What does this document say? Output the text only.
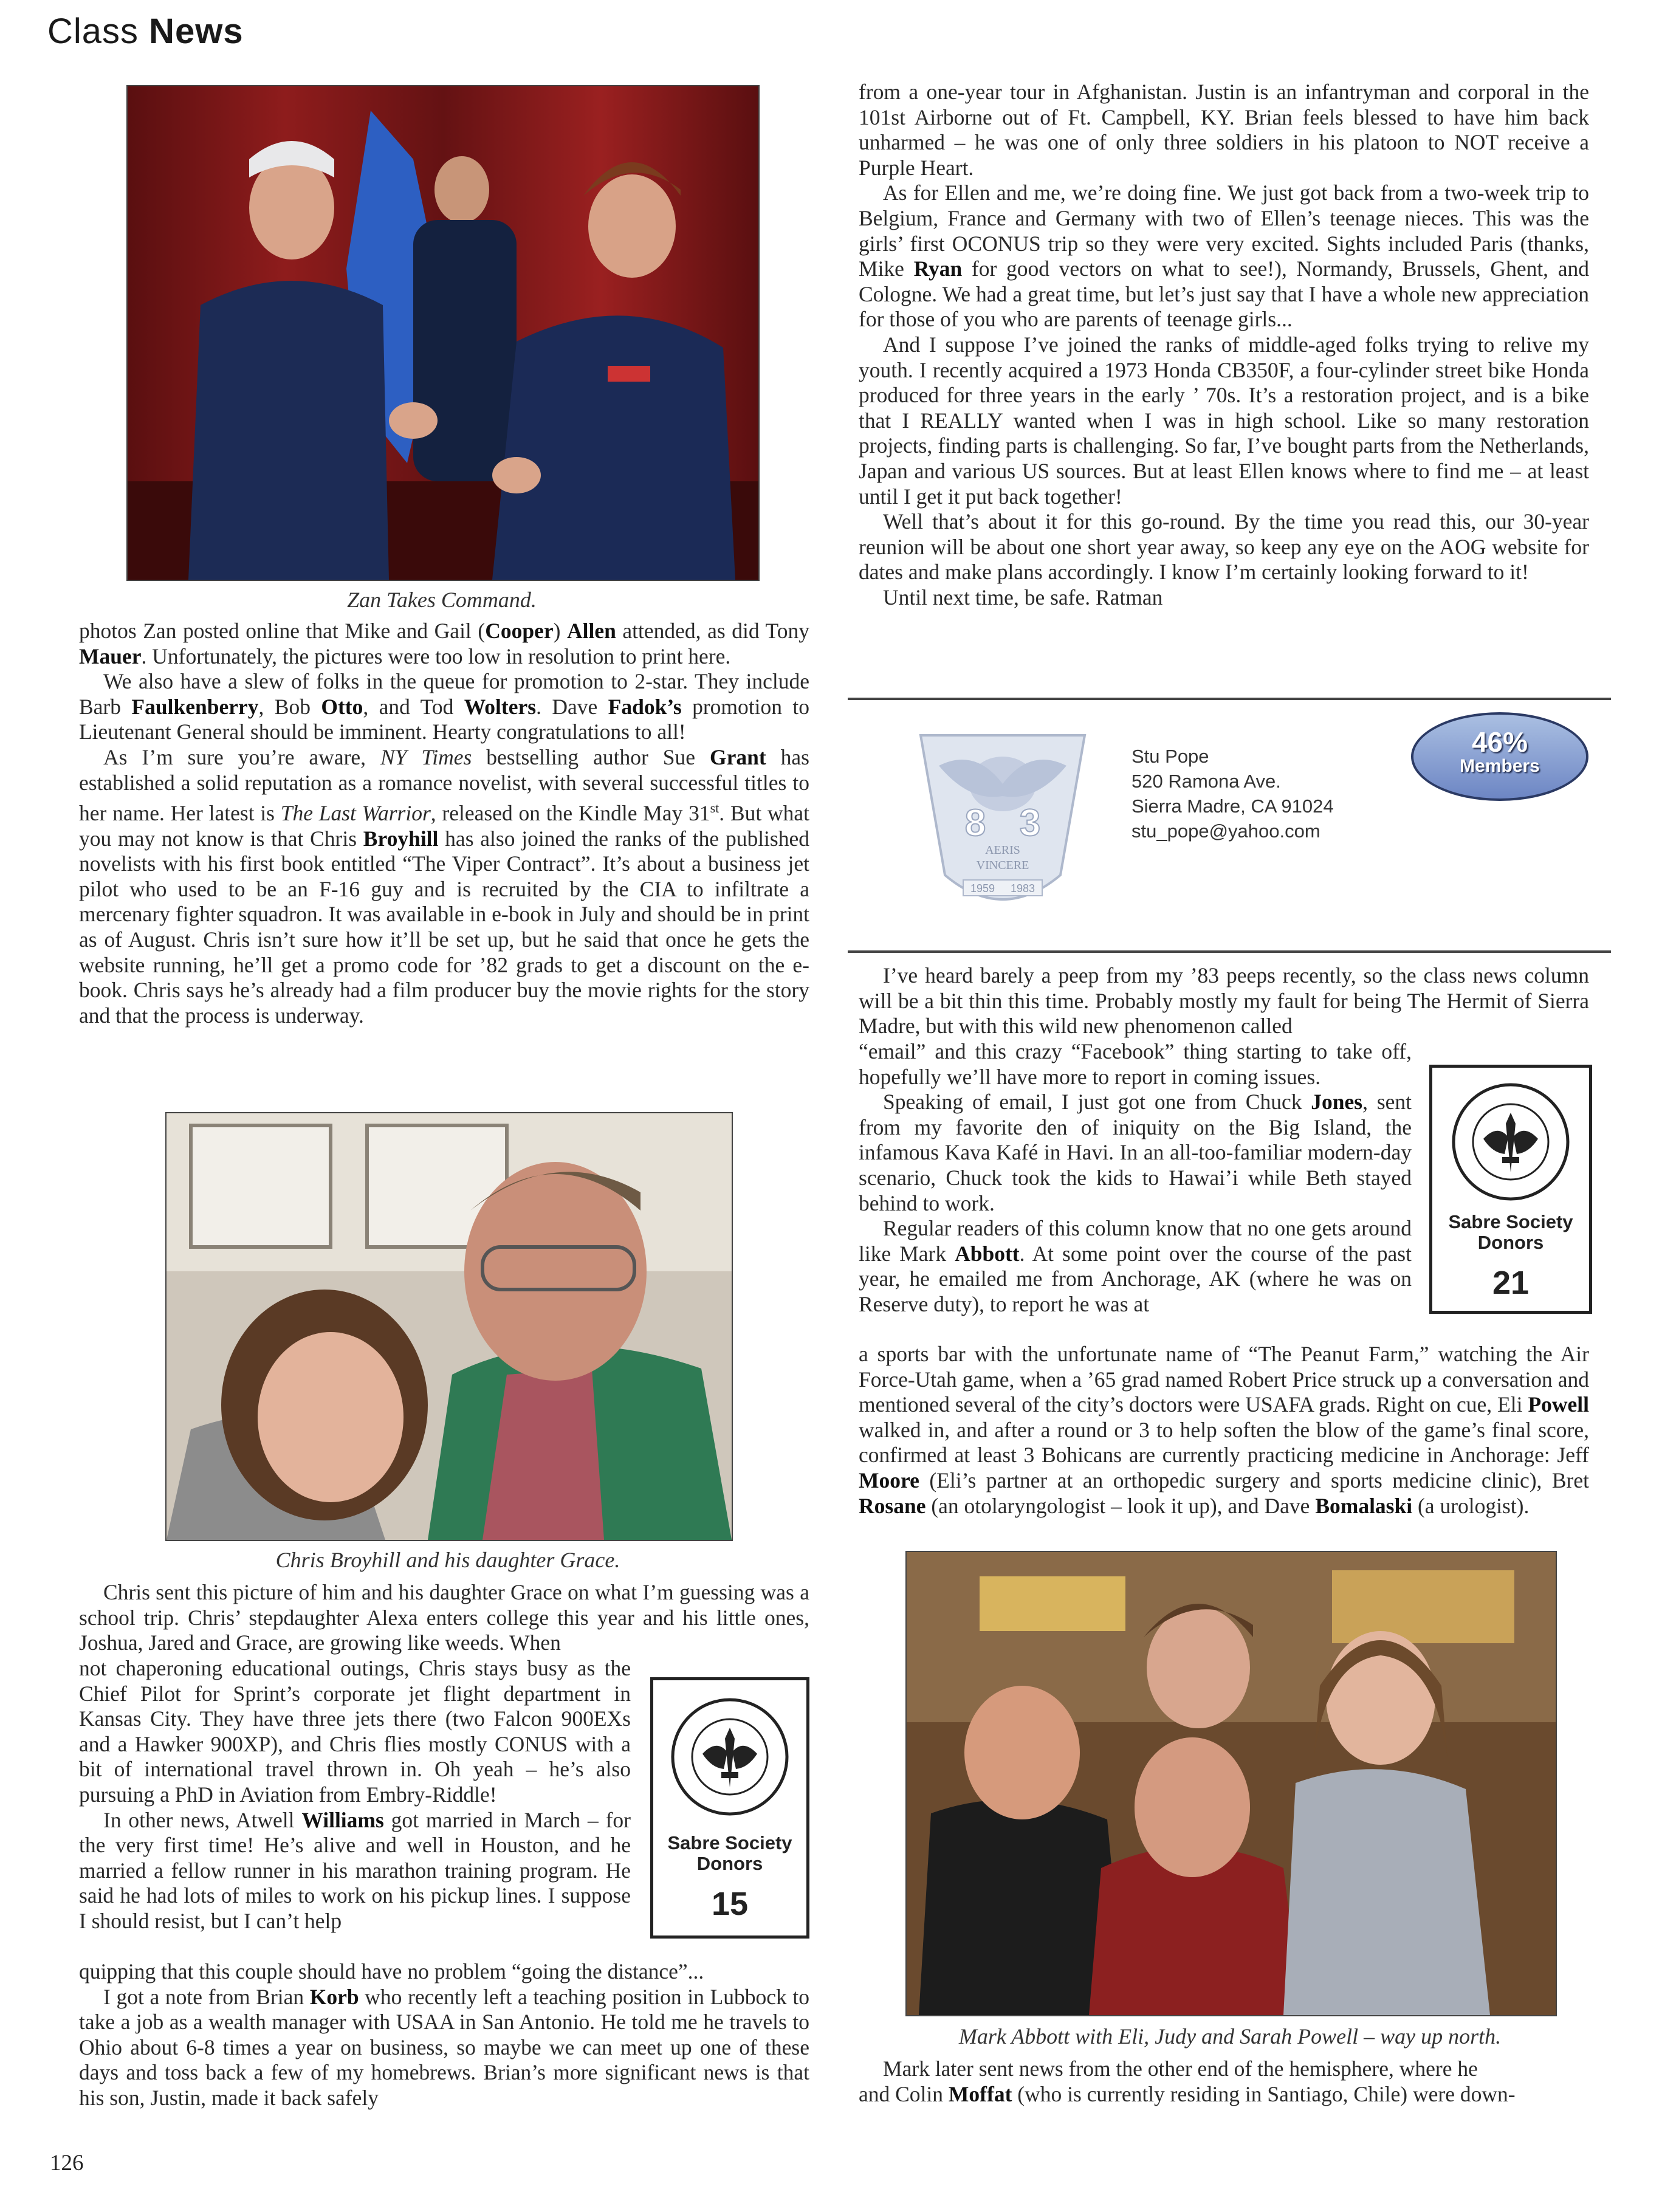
Class News
Zan Takes Command.

photos Zan posted online that Mike and Gail (Cooper) Allen attended, as did Tony Mauer. Unfortunately, the pictures were too low in resolution to print here.

We also have a slew of folks in the queue for promotion to 2-star. They include Barb Faulkenberry, Bob Otto, and Tod Wolters. Dave Fadok’s promotion to Lieutenant General should be imminent. Hearty congratulations to all!

As I’m sure you’re aware, NY Times bestselling author Sue Grant has established a solid reputation as a romance novelist, with several successful titles to her name. Her latest is The Last Warrior, released on the Kindle May 31st. But what you may not know is that Chris Broyhill has also joined the ranks of the published novelists with his first book entitled “The Viper Contract”. It’s about a business jet pilot who used to be an F-16 guy and is recruited by the CIA to infiltrate a mercenary fighter squadron. It was available in e-book in July and should be in print as of August. Chris isn’t sure how it’ll be set up, but he said that once he gets the website running, he’ll get a promo code for ’82 grads to get a discount on the e-book. Chris says he’s already had a film producer buy the movie rights for the story and that the process is underway.

Chris Broyhill and his daughter Grace.

Chris sent this picture of him and his daughter Grace on what I’m guessing was a school trip. Chris’ stepdaughter Alexa enters college this year and his little ones, Joshua, Jared and Grace, are growing like weeds. When

not chaperoning educational outings, Chris stays busy as the Chief Pilot for Sprint’s corporate jet flight department in Kansas City. They have three jets there (two Falcon 900EXs and a Hawker 900XP), and Chris flies mostly CONUS with a bit of international travel thrown in. Oh yeah – he’s also pursuing a PhD in Aviation from Embry-Riddle!

In other news, Atwell Williams got married in March – for the very first time! He’s alive and well in Houston, and he married a fellow runner in his marathon training program. He said he had lots of miles to work on his pickup lines. I suppose I should resist, but I can’t help

quipping that this couple should have no problem “going the distance”...

I got a note from Brian Korb who recently left a teaching position in Lubbock to take a job as a wealth manager with USAA in San Antonio. He told me he travels to Ohio about 6-8 times a year on business, so maybe we can meet up one of these days and toss back a few of my homebrews. Brian’s more significant news is that his son, Justin, made it back safely

Sabre Society
Donors
15
126

from a one-year tour in Afghanistan. Justin is an infantryman and corporal in the 101st Airborne out of Ft. Campbell, KY. Brian feels blessed to have him back unharmed – he was one of only three soldiers in his platoon to NOT receive a Purple Heart.

As for Ellen and me, we’re doing fine. We just got back from a two-week trip to Belgium, France and Germany with two of Ellen’s teenage nieces. This was the girls’ first OCONUS trip so they were very excited. Sights included Paris (thanks, Mike Ryan for good vectors on what to see!), Normandy, Brussels, Ghent, and Cologne. We had a great time, but let’s just say that I have a whole new appreciation for those of you who are parents of teenage girls...

And I suppose I’ve joined the ranks of middle-aged folks trying to relive my youth. I recently acquired a 1973 Honda CB350F, a four-cylinder street bike Honda produced for three years in the early ’ 70s. It’s a restoration project, and is a bike that I REALLY wanted when I was in high school. Like so many restoration projects, finding parts is challenging. So far, I’ve bought parts from the Netherlands, Japan and various US sources. But at least Ellen knows where to find me – at least until I get it put back together!

Well that’s about it for this go-round. By the time you read this, our 30-year reunion will be about one short year away, so keep any eye on the AOG website for dates and make plans accordingly. I know I’m certainly looking forward to it!

Until next time, be safe. Ratman

8 3
AERIS
VINCERE
1959 1983
Stu Pope
520 Ramona Ave.
Sierra Madre, CA 91024
stu_pope@yahoo.com
46%
Members

I’ve heard barely a peep from my ’83 peeps recently, so the class news column will be a bit thin this time. Probably mostly my fault for being The Hermit of Sierra Madre, but with this wild new phenomenon called

“email” and this crazy “Facebook” thing starting to take off, hopefully we’ll have more to report in coming issues.

Speaking of email, I just got one from Chuck Jones, sent from my favorite den of iniquity on the Big Island, the infamous Kava Kafé in Havi. In an all-too-familiar modern-day scenario, Chuck took the kids to Hawai’i while Beth stayed behind to work.

Regular readers of this column know that no one gets around like Mark Abbott. At some point over the course of the past year, he emailed me from Anchorage, AK (where he was on Reserve duty), to report he was at

a sports bar with the unfortunate name of “The Peanut Farm,” watching the Air Force-Utah game, when a ’65 grad named Robert Price struck up a conversation and mentioned several of the city’s doctors were USAFA grads. Right on cue, Eli Powell walked in, and after a round or 3 to help soften the blow of the game’s final score, confirmed at least 3 Bohicans are currently practicing medicine in Anchorage: Jeff Moore (Eli’s partner at an orthopedic surgery and sports medicine clinic), Bret Rosane (an otolaryngologist – look it up), and Dave Bomalaski (a urologist).

Sabre Society
Donors
21
Mark Abbott with Eli, Judy and Sarah Powell – way up north.

Mark later sent news from the other end of the hemisphere, where he

and Colin Moffat (who is currently residing in Santiago, Chile) were down-
